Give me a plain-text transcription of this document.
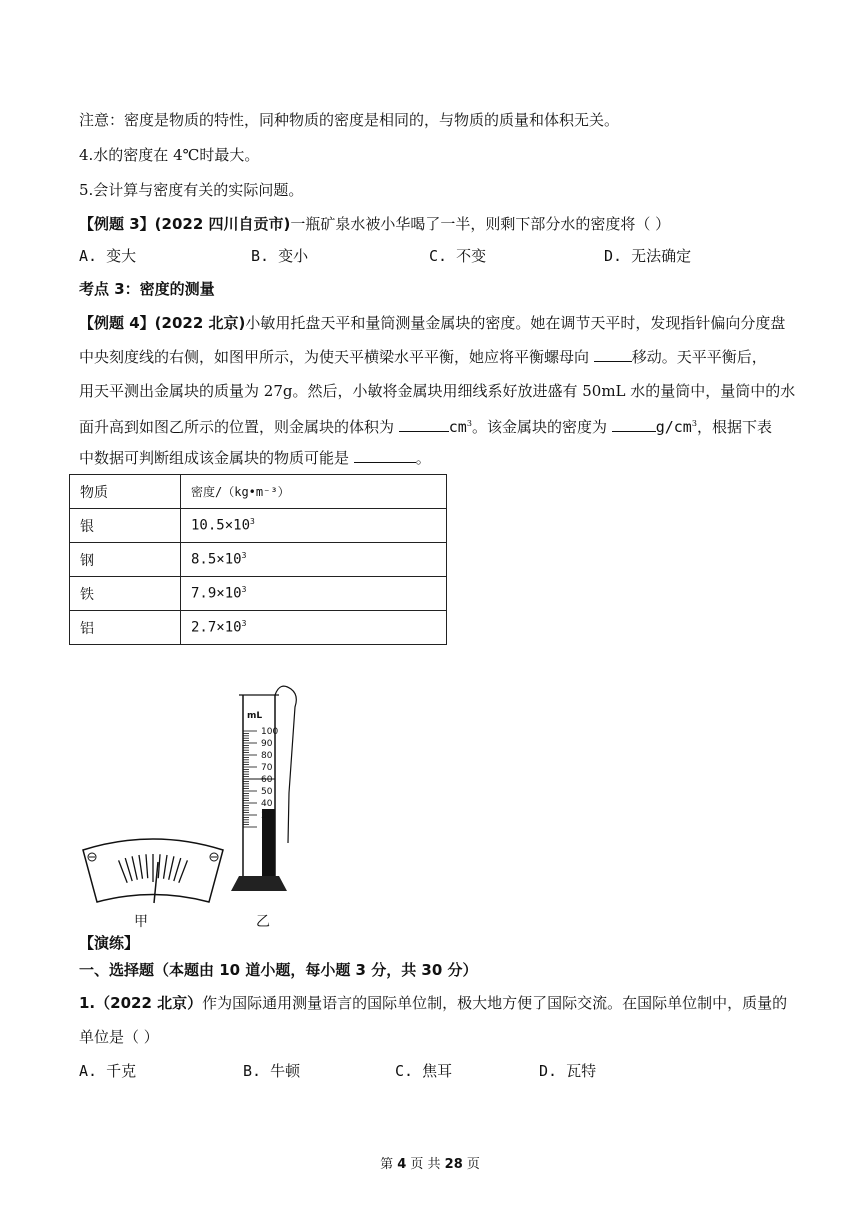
注意：密度是物质的特性，同种物质的密度是相同的，与物质的质量和体积无关。
4.水的密度在 4℃时最大。
5.会计算与密度有关的实际问题。
【例题 3】(2022 四川自贡市)一瓶矿泉水被小华喝了一半，则剩下部分水的密度将（ ）
A. 变大	B. 变小	C. 不变	D. 无法确定
考点 3：密度的测量
【例题 4】(2022 北京)小敏用托盘天平和量筒测量金属块的密度。她在调节天平时，发现指针偏向分度盘
中央刻度线的右侧，如图甲所示，为使天平横梁水平平衡，她应将平衡螺母向	移动。天平平衡后，
用天平测出金属块的质量为 27g。然后，小敏将金属块用细线系好放进盛有 50mL 水的量筒中，量筒中的水
面升高到如图乙所示的位置，则金属块的体积为	$cm^3$。该金属块的密度为	$g/cm^3$，根据下表
中数据可判断组成该金属块的物质可能是	。
物质	密度/（kg•m⁻³）
银	$10.5\times 10^3$
钢	$8.5\times 10^3$
铁	$7.9\times 10^3$
铝	$2.7\times 10^3$
甲
mL
100
90
80
70
60
50
40
30
乙
【演练】
一、选择题（本题由 10 道小题，每小题 3 分，共 30 分）
1.（2022 北京）作为国际通用测量语言的国际单位制，极大地方便了国际交流。在国际单位制中，质量的
单位是（ ）
A. 千克	B. 牛顿	C. 焦耳	D. 瓦特
第 4 页 共 28 页
